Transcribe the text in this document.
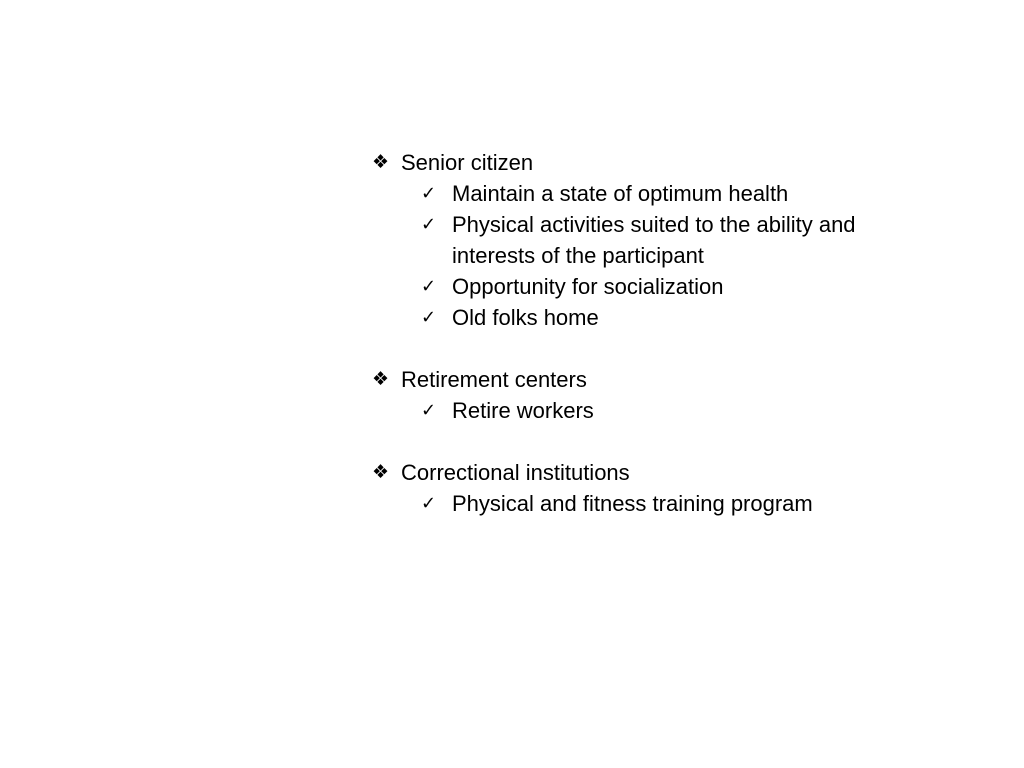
❖ Senior citizen
✓ Maintain a state of optimum health
✓ Physical activities suited to the ability and interests of the participant
✓ Opportunity for socialization
✓ Old folks home
❖ Retirement centers
✓ Retire workers
❖ Correctional institutions
✓ Physical and fitness training program
